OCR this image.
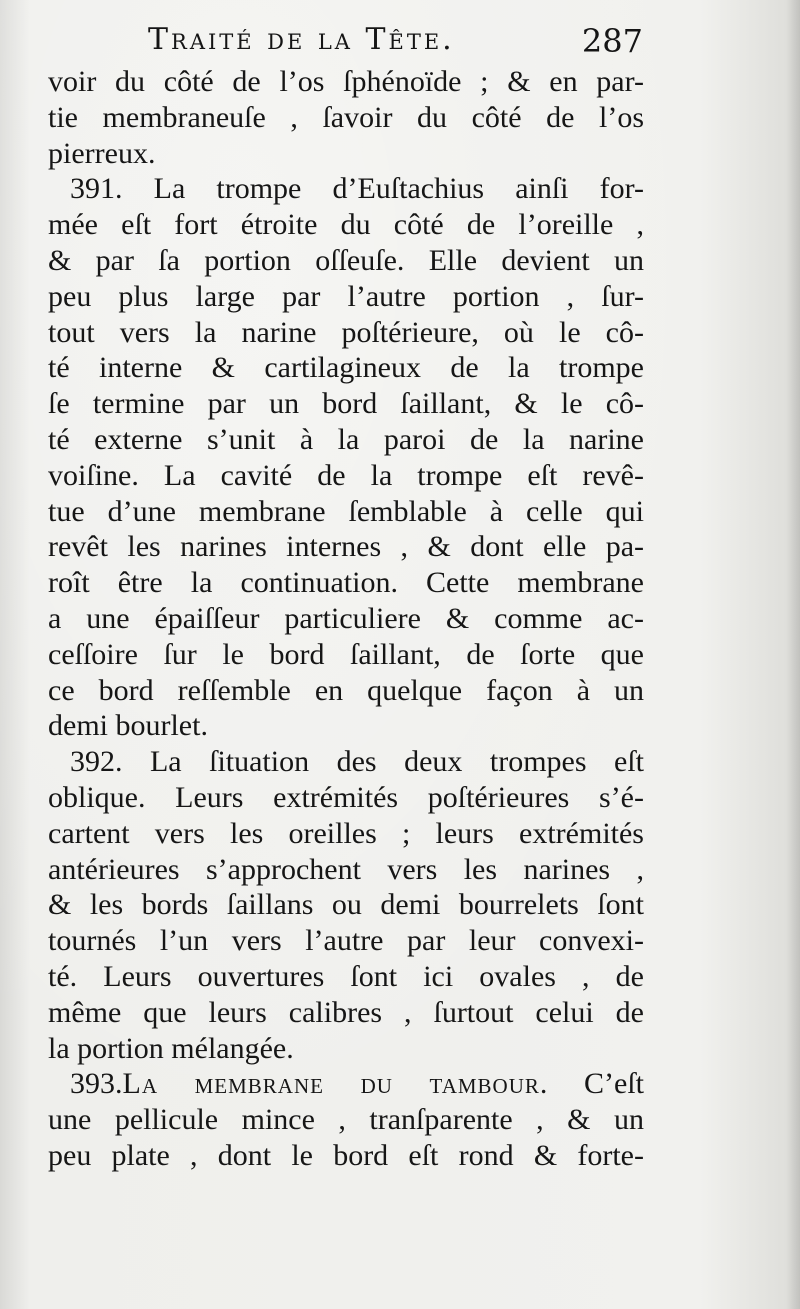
Traité de la Tête.	287
voir du côté de l’os ſphénoïde ; & en par-
tie membraneuſe , ſavoir du côté de l’os
pierreux.
391. La trompe d’Euſtachius ainſi for-
mée eſt fort étroite du côté de l’oreille ,
& par ſa portion oſſeuſe. Elle devient un
peu plus large par l’autre portion , ſur-
tout vers la narine poſtérieure, où le cô-
té interne & cartilagineux de la trompe
ſe termine par un bord ſaillant, & le cô-
té externe s’unit à la paroi de la narine
voiſine. La cavité de la trompe eſt revê-
tue d’une membrane ſemblable à celle qui
revêt les narines internes , & dont elle pa-
roît être la continuation. Cette membrane
a une épaiſſeur particuliere & comme ac-
ceſſoire ſur le bord ſaillant, de ſorte que
ce bord reſſemble en quelque façon à un
demi bourlet.
392. La ſituation des deux trompes eſt
oblique. Leurs extrémités poſtérieures s’é-
cartent vers les oreilles ; leurs extrémités
antérieures s’approchent vers les narines ,
& les bords ſaillans ou demi bourrelets ſont
tournés l’un vers l’autre par leur convexi-
té. Leurs ouvertures ſont ici ovales , de
même que leurs calibres , ſurtout celui de
la portion mélangée.
393.La membrane du tambour. C’eſt
une pellicule mince , tranſparente , & un
peu plate , dont le bord eſt rond & forte-
